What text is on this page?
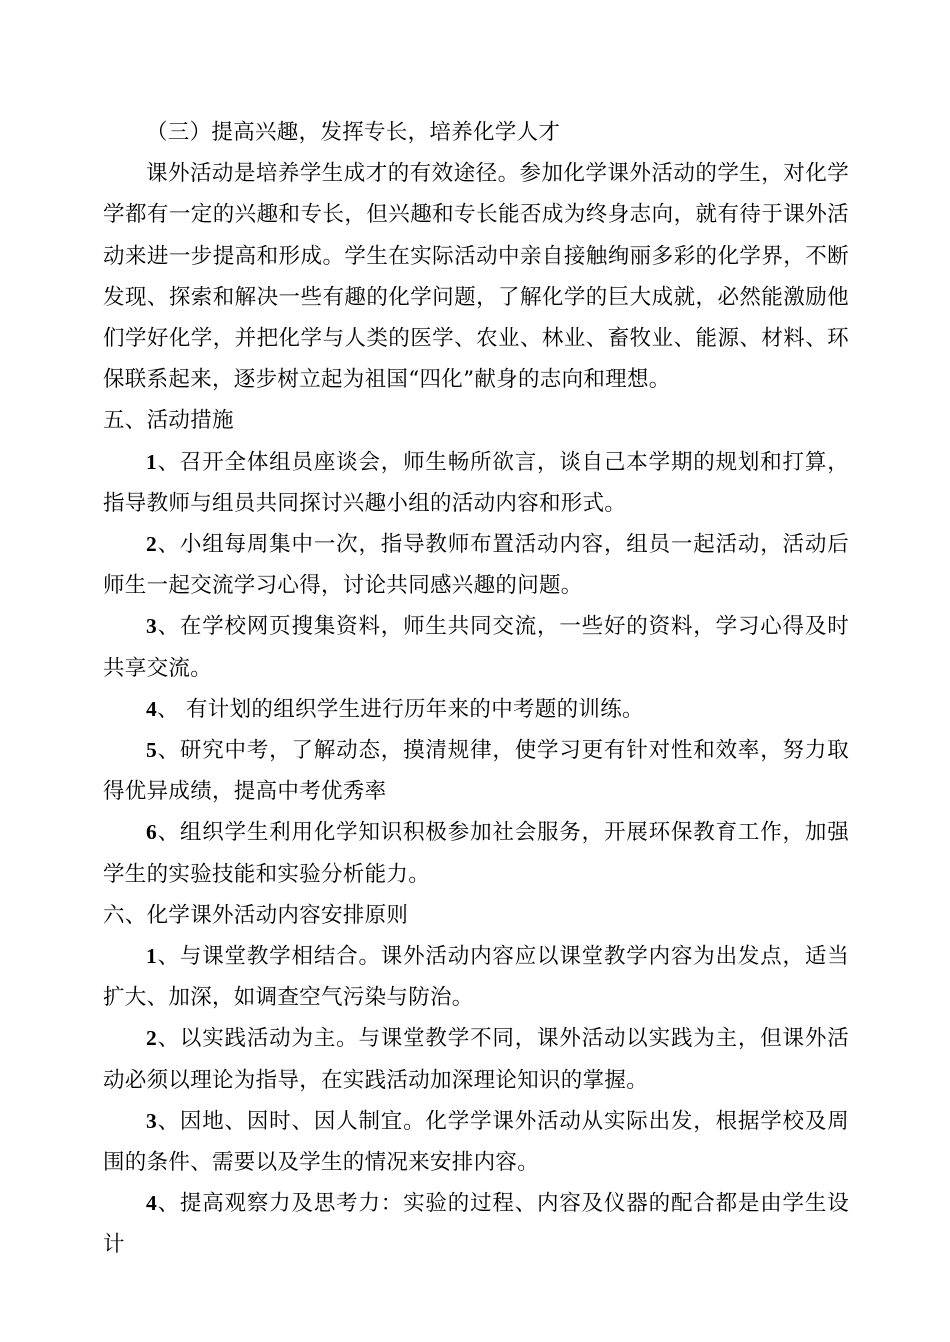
（三）提高兴趣，发挥专长，培养化学人才

课外活动是培养学生成才的有效途径。参加化学课外活动的学生，对化学学都有一定的兴趣和专长，但兴趣和专长能否成为终身志向，就有待于课外活动来进一步提高和形成。学生在实际活动中亲自接触绚丽多彩的化学界，不断发现、探索和解决一些有趣的化学问题，了解化学的巨大成就，必然能激励他们学好化学，并把化学与人类的医学、农业、林业、畜牧业、能源、材料、环保联系起来，逐步树立起为祖国“四化”献身的志向和理想。

五、活动措施

1、召开全体组员座谈会，师生畅所欲言，谈自己本学期的规划和打算，指导教师与组员共同探讨兴趣小组的活动内容和形式。

2、小组每周集中一次，指导教师布置活动内容，组员一起活动，活动后师生一起交流学习心得，讨论共同感兴趣的问题。

3、在学校网页搜集资料，师生共同交流，一些好的资料，学习心得及时共享交流。

4、 有计划的组织学生进行历年来的中考题的训练。

5、研究中考，了解动态，摸清规律，使学习更有针对性和效率，努力取得优异成绩，提高中考优秀率

6、组织学生利用化学知识积极参加社会服务，开展环保教育工作，加强学生的实验技能和实验分析能力。

六、化学课外活动内容安排原则

1、与课堂教学相结合。课外活动内容应以课堂教学内容为出发点，适当扩大、加深，如调查空气污染与防治。

2、以实践活动为主。与课堂教学不同，课外活动以实践为主，但课外活动必须以理论为指导，在实践活动加深理论知识的掌握。

3、因地、因时、因人制宜。化学学课外活动从实际出发，根据学校及周围的条件、需要以及学生的情况来安排内容。

4、提高观察力及思考力：实验的过程、内容及仪器的配合都是由学生设计
